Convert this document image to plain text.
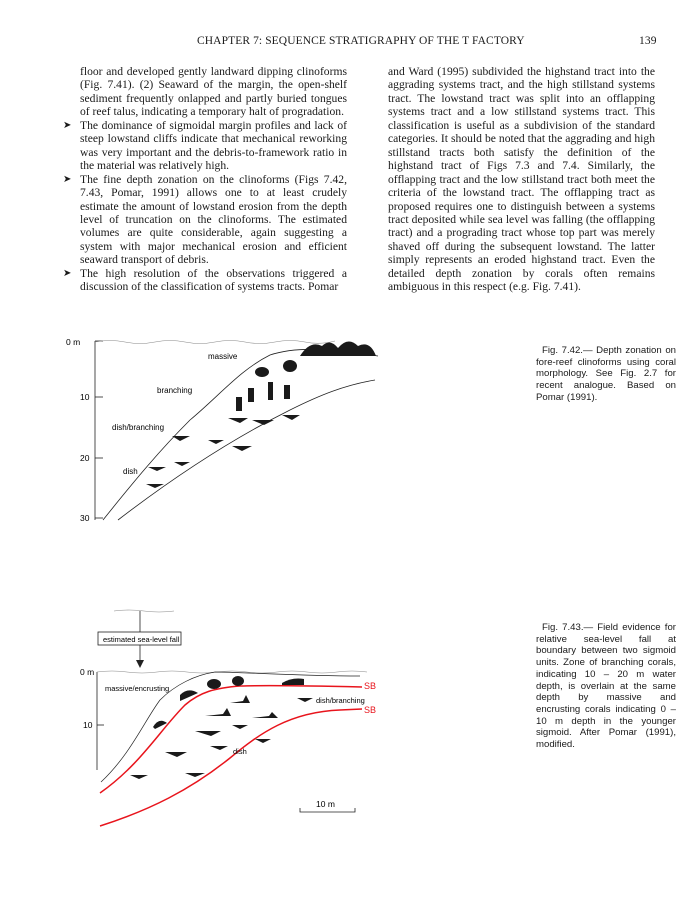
CHAPTER 7: SEQUENCE STRATIGRAPHY OF THE T FACTORY	139

floor and developed gently landward dipping clinoforms (Fig. 7.41). (2) Seaward of the margin, the open-shelf sediment frequently onlapped and partly buried tongues of reef talus, indicating a temporary halt of progradation.

➤ The dominance of sigmoidal margin profiles and lack of steep lowstand cliffs indicate that mechanical reworking was very important and the debris-to-framework ratio in the material was relatively high.

➤ The fine depth zonation on the clinoforms (Figs 7.42, 7.43, Pomar, 1991) allows one to at least crudely estimate the amount of lowstand erosion from the depth level of truncation on the clinoforms. The estimated volumes are quite considerable, again suggesting a system with major mechanical erosion and efficient seaward transport of debris.

➤ The high resolution of the observations triggered a discussion of the classification of systems tracts. Pomar

and Ward (1995) subdivided the highstand tract into the aggrading systems tract, and the high stillstand systems tract. The lowstand tract was split into an offlapping systems tract and a low stillstand systems tract. This classification is useful as a subdivision of the standard categories. It should be noted that the aggrading and high stillstand tracts both satisfy the definition of the highstand tract of Figs 7.3 and 7.4. Similarly, the offlapping tract and the low stillstand tract both meet the criteria of the lowstand tract. The offlapping tract as proposed requires one to distinguish between a systems tract deposited while sea level was falling (the offlapping tract) and a prograding tract whose top part was merely shaved off during the subsequent lowstand. The latter simply represents an eroded highstand tract. Even the detailed depth zonation by corals often remains ambiguous in this respect (e.g. Fig. 7.41).

Fig. 7.42.— Depth zonation on fore-reef clinoforms using coral morphology. See Fig. 2.7 for recent analogue. Based on Pomar (1991).
Fig. 7.43.— Field evidence for relative sea-level fall at boundary between two sigmoid units. Zone of branching corals, indicating 10 – 20 m water depth, is overlain at the same depth by massive and encrusting corals indicating 0 – 10 m depth in the younger sigmoid. After Pomar (1991), modified.
0 m
10
20
30
massive
branching
dish/branching
dish
estimated sea-level fall
0 m
10
massive/encrusting
dish/branching
dish
SB
SB
10 m
